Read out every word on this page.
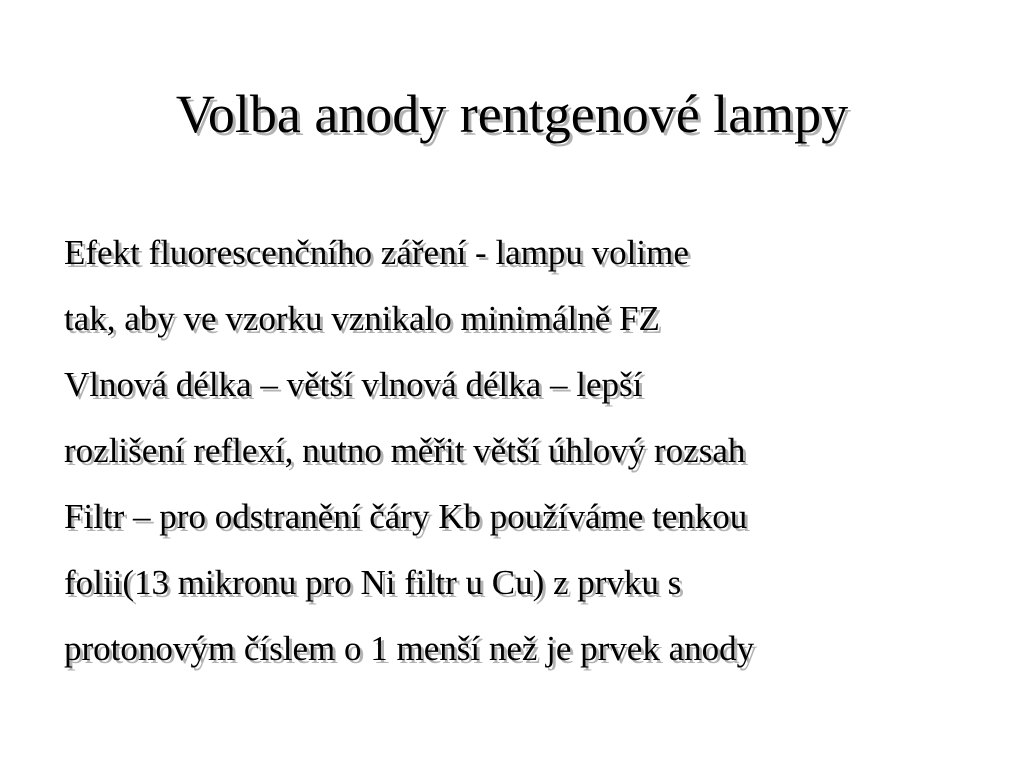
Volba anody rentgenové lampy
Efekt fluorescenčního záření - lampu volime
tak, aby ve vzorku vznikalo minimálně FZ
Vlnová délka – větší vlnová délka – lepší
rozlišení reflexí, nutno měřit větší úhlový rozsah
Filtr – pro odstranění čáry Kb používáme tenkou
folii(13 mikronu pro Ni filtr u Cu) z prvku s
protonovým číslem o 1 menší než je prvek anody
